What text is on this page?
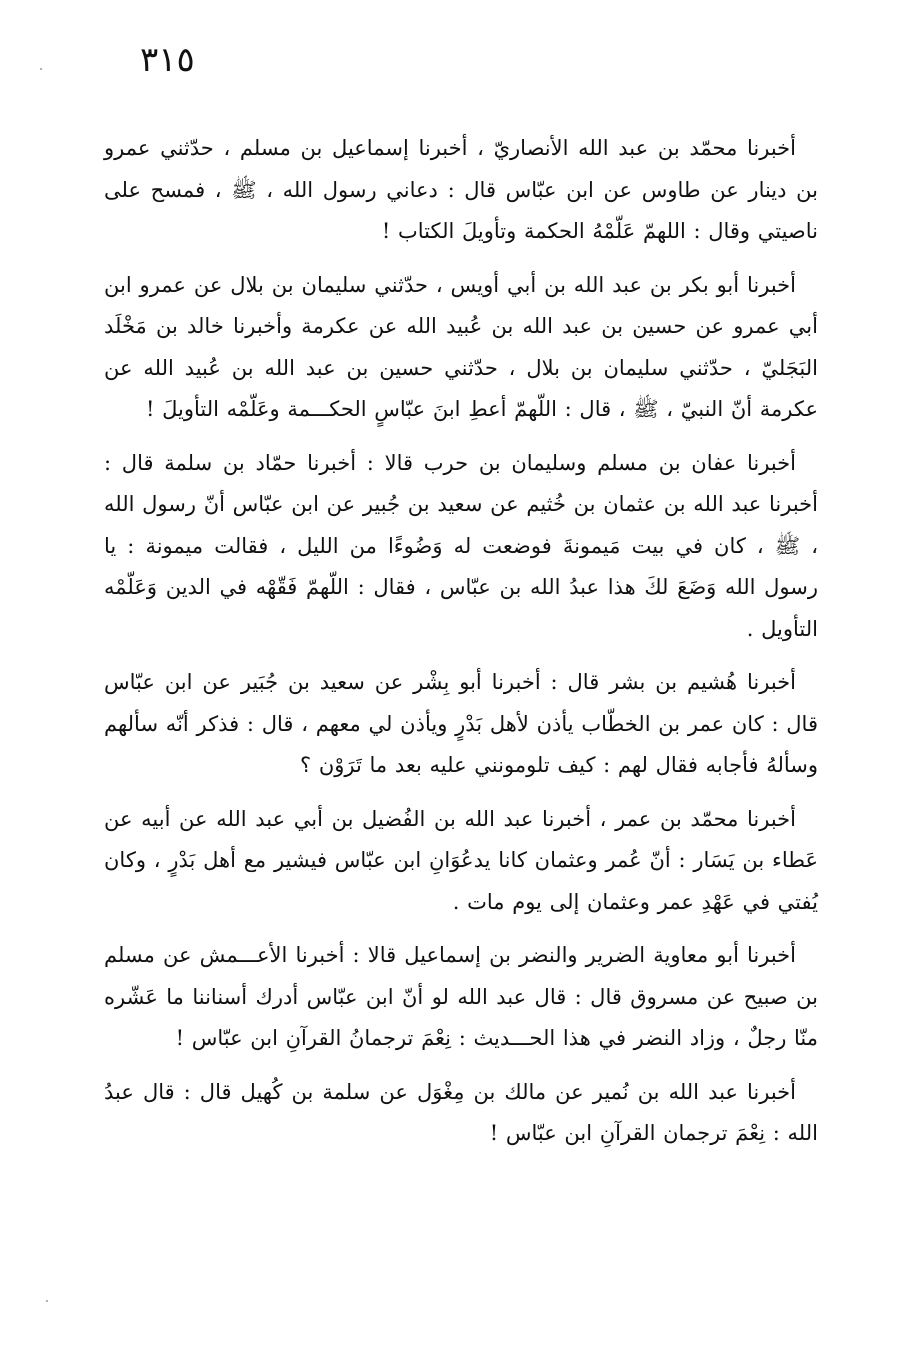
٣١٥

أخبرنا محمّد بن عبد الله الأنصاريّ ، أخبرنا إسماعيل بن مسلم ، حدّثني عمرو بن دينار عن طاوس عن ابن عبّاس قال : دعاني رسول الله ، ﷺ ، فمسح على ناصيتي وقال : اللهمّ عَلّمْهُ الحكمة وتأويلَ الكتاب !

أخبرنا أبو بكر بن عبد الله بن أبي أويس ، حدّثني سليمان بن بلال عن عمرو ابن أبي عمرو عن حسين بن عبد الله بن عُبيد الله عن عكرمة وأخبرنا خالد بن مَخْلَد البَجَليّ ، حدّثني سليمان بن بلال ، حدّثني حسين بن عبد الله بن عُبيد الله عن عكرمة أنّ النبيّ ، ﷺ ، قال : اللّهمّ أعطِ ابنَ عبّاسٍ الحكـــمة وعَلّمْه التأويلَ !

أخبرنا عفان بن مسلم وسليمان بن حرب قالا : أخبرنا حمّاد بن سلمة قال : أخبرنا عبد الله بن عثمان بن خُثيم عن سعيد بن جُبير عن ابن عبّاس أنّ رسول الله ، ﷺ ، كان في بيت مَيمونةَ فوضعت له وَضُوءًا من الليل ، فقالت ميمونة : يا رسول الله وَضَعَ لكَ هذا عبدُ الله بن عبّاس ، فقال : اللّهمّ فَقّهْه في الدين وَعَلّمْه التأويل .

أخبرنا هُشيم بن بشر قال : أخبرنا أبو بِشْر عن سعيد بن جُبَير عن ابن عبّاس قال : كان عمر بن الخطّاب يأذن لأهل بَدْرٍ ويأذن لي معهم ، قال : فذكر أنّه سألهم وسألهُ فأجابه فقال لهم : كيف تلومونني عليه بعد ما تَرَوْن ؟

أخبرنا محمّد بن عمر ، أخبرنا عبد الله بن الفُضيل بن أبي عبد الله عن أبيه عن عَطاء بن يَسَار : أنّ عُمر وعثمان كانا يدعُوَانِ ابن عبّاس فيشير مع أهل بَدْرٍ ، وكان يُفتي في عَهْدِ عمر وعثمان إلى يوم مات .

أخبرنا أبو معاوية الضرير والنضر بن إسماعيل قالا : أخبرنا الأعـــمش عن مسلم بن صبيح عن مسروق قال : قال عبد الله لو أنّ ابن عبّاس أدرك أسناننا ما عَشّره منّا رجلٌ ، وزاد النضر في هذا الحـــديث : نِعْمَ ترجمانُ القرآنِ ابن عبّاس !

أخبرنا عبد الله بن نُمير عن مالك بن مِغْوَل عن سلمة بن كُهيل قال : قال عبدُ الله : نِعْمَ ترجمان القرآنِ ابن عبّاس !
